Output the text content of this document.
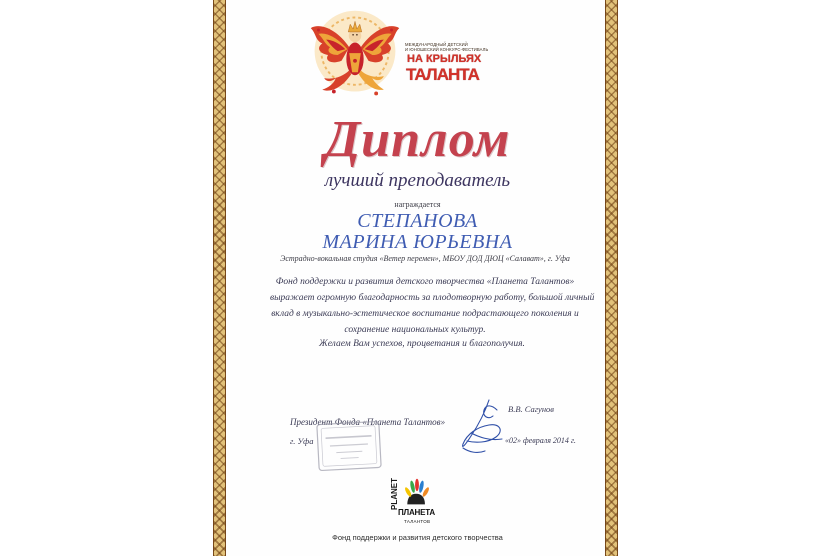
МЕЖДУНАРОДНЫЙ ДЕТСКИЙ
И ЮНОШЕСКИЙ КОНКУРС-ФЕСТИВАЛЬ
НА КРЫЛЬЯХ
ТАЛАНТА
Диплом
лучший преподаватель
награждается
СТЕПАНОВА
МАРИНА ЮРЬЕВНА
Эстрадно-вокальная студия «Ветер перемен», МБОУ ДОД ДЮЦ «Салават», г. Уфа
Фонд поддержки и развития детского творчества «Планета Талантов»
выражает огромную благодарность за плодотворную работу, большой личный
вклад в музыкально-эстетическое воспитание подрастающего поколения и
сохранение национальных культур.
Желаем Вам успехов, процветания и благополучия.
Президент Фонда «Планета Талантов»
В.В. Сагунов
г. Уфа	«02» февраля 2014 г.
PLANET
ПЛАНЕТА
ТАЛАНТОВ
Фонд поддержки и развития детского творчества
